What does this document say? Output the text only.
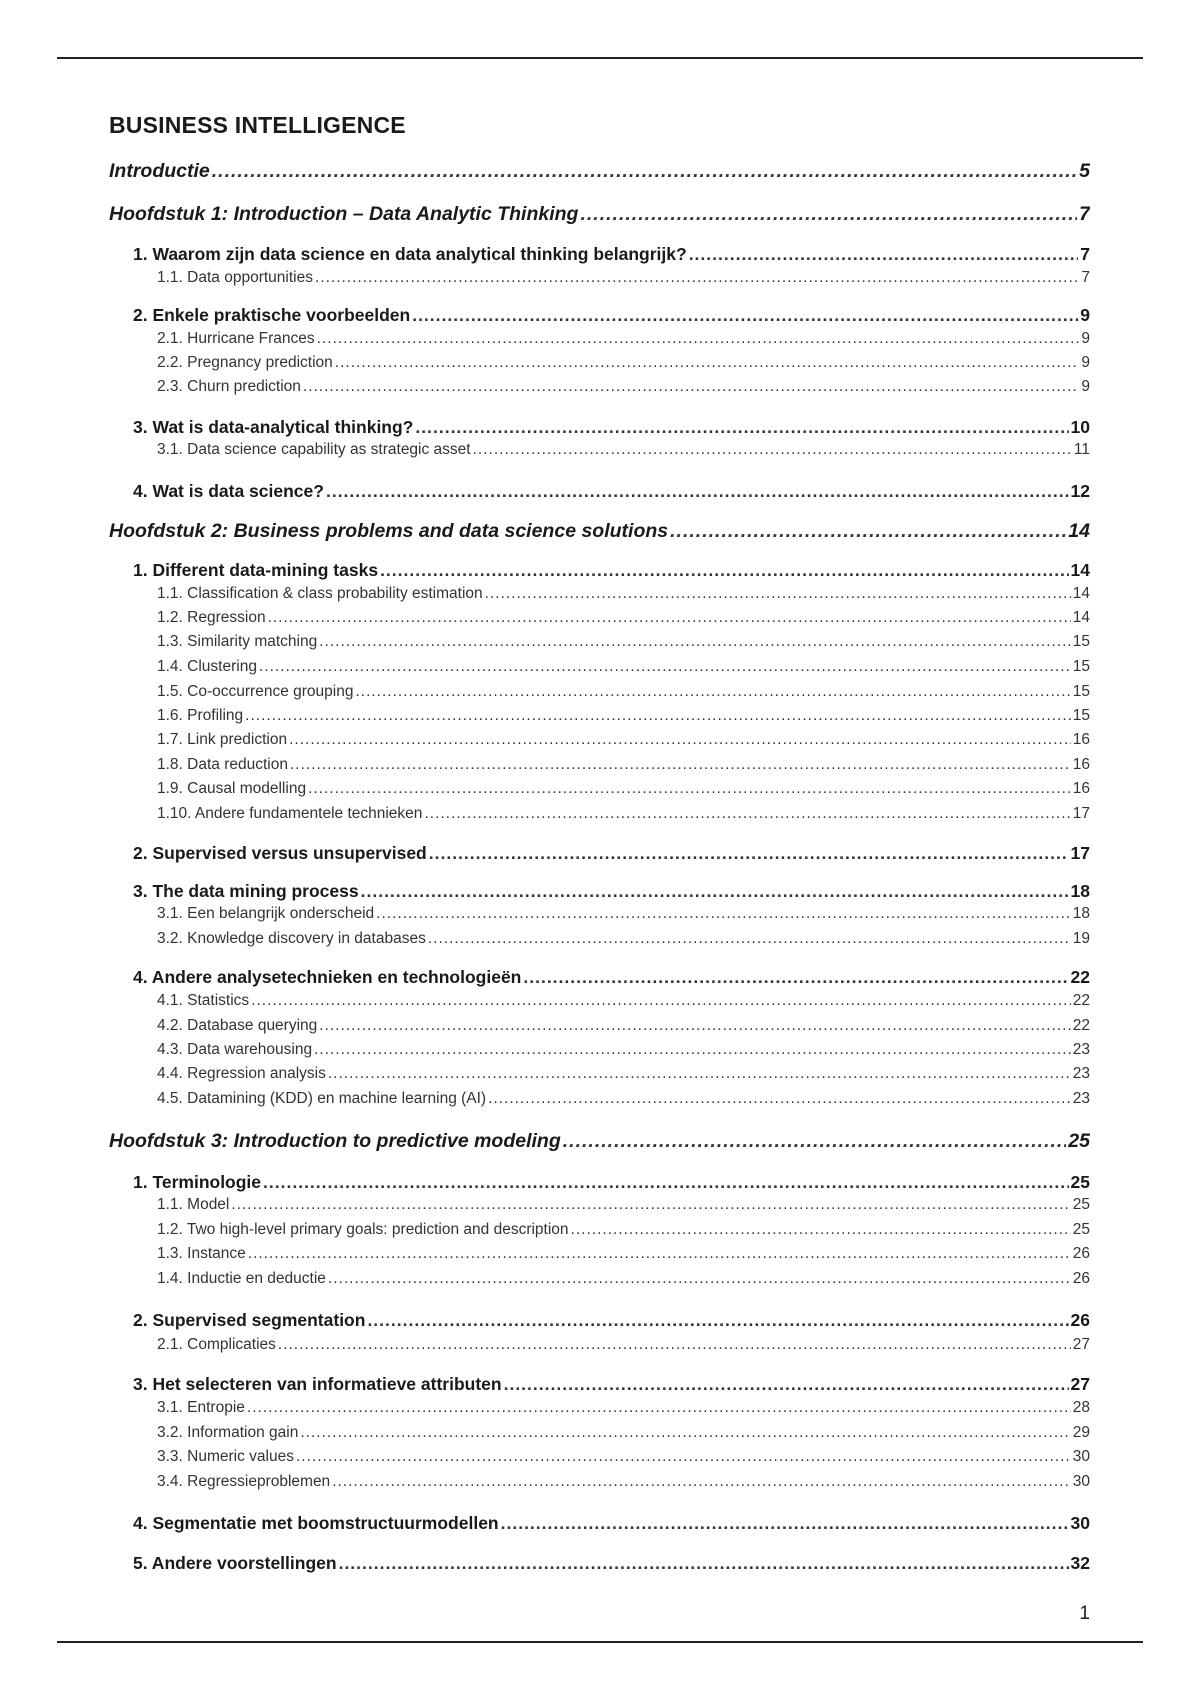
BUSINESS INTELLIGENCE
Introductie .....	5
Hoofdstuk 1: Introduction – Data Analytic Thinking .....	7
1. Waarom zijn data science en data analytical thinking belangrijk? .....	7
1.1. Data opportunities .....	7
2. Enkele praktische voorbeelden .....	9
2.1. Hurricane Frances .....	9
2.2. Pregnancy prediction .....	9
2.3. Churn prediction .....	9
3. Wat is data-analytical thinking? .....	10
3.1. Data science capability as strategic asset .....	11
4. Wat is data science? .....	12
Hoofdstuk 2: Business problems and data science solutions .....	14
1. Different data-mining tasks .....	14
1.1. Classification & class probability estimation .....	14
1.2. Regression .....	14
1.3. Similarity matching .....	15
1.4. Clustering .....	15
1.5. Co-occurrence grouping .....	15
1.6. Profiling .....	15
1.7. Link prediction .....	16
1.8. Data reduction .....	16
1.9. Causal modelling .....	16
1.10. Andere fundamentele technieken .....	17
2. Supervised versus unsupervised .....	17
3. The data mining process .....	18
3.1. Een belangrijk onderscheid .....	18
3.2. Knowledge discovery in databases .....	19
4. Andere analysetechnieken en technologieën .....	22
4.1. Statistics .....	22
4.2. Database querying .....	22
4.3. Data warehousing .....	23
4.4. Regression analysis .....	23
4.5. Datamining (KDD) en machine learning (AI) .....	23
Hoofdstuk 3: Introduction to predictive modeling .....	25
1. Terminologie .....	25
1.1. Model .....	25
1.2. Two high-level primary goals: prediction and description .....	25
1.3. Instance .....	26
1.4. Inductie en deductie .....	26
2. Supervised segmentation .....	26
2.1. Complicaties .....	27
3. Het selecteren van informatieve attributen .....	27
3.1. Entropie .....	28
3.2. Information gain .....	29
3.3. Numeric values .....	30
3.4. Regressieproblemen .....	30
4. Segmentatie met boomstructuurmodellen .....	30
5. Andere voorstellingen .....	32
1
